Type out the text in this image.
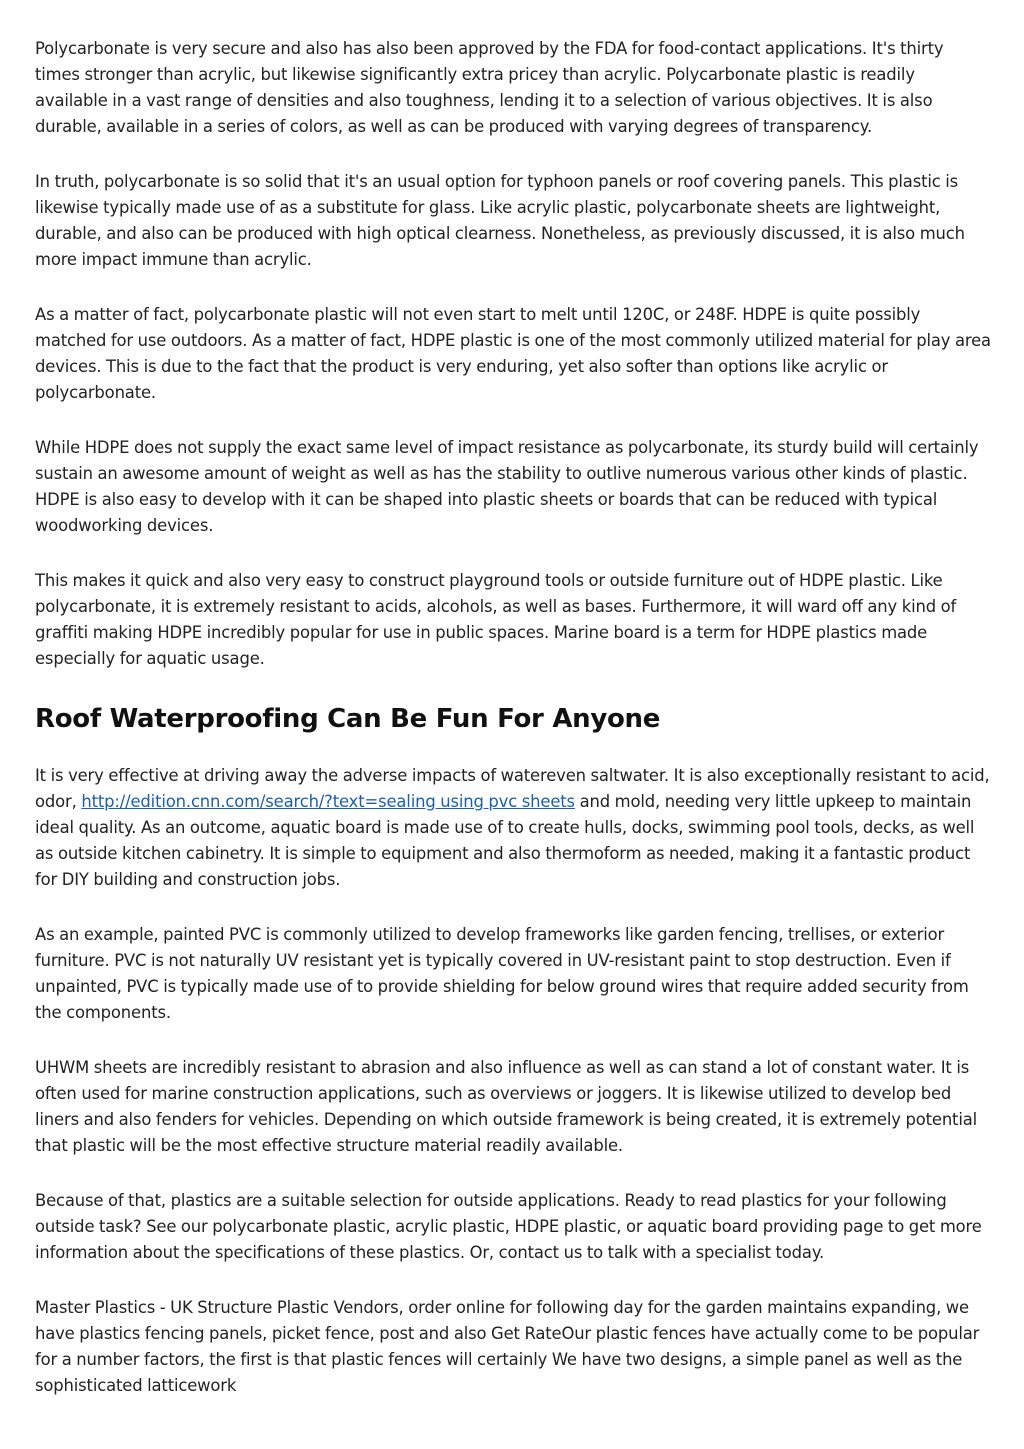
Polycarbonate is very secure and also has also been approved by the FDA for food-contact applications. It's thirty times stronger than acrylic, but likewise significantly extra pricey than acrylic. Polycarbonate plastic is readily available in a vast range of densities and also toughness, lending it to a selection of various objectives. It is also durable, available in a series of colors, as well as can be produced with varying degrees of transparency.

In truth, polycarbonate is so solid that it's an usual option for typhoon panels or roof covering panels. This plastic is likewise typically made use of as a substitute for glass. Like acrylic plastic, polycarbonate sheets are lightweight, durable, and also can be produced with high optical clearness. Nonetheless, as previously discussed, it is also much more impact immune than acrylic.

As a matter of fact, polycarbonate plastic will not even start to melt until 120C, or 248F. HDPE is quite possibly matched for use outdoors. As a matter of fact, HDPE plastic is one of the most commonly utilized material for play area devices. This is due to the fact that the product is very enduring, yet also softer than options like acrylic or polycarbonate.

While HDPE does not supply the exact same level of impact resistance as polycarbonate, its sturdy build will certainly sustain an awesome amount of weight as well as has the stability to outlive numerous various other kinds of plastic. HDPE is also easy to develop with it can be shaped into plastic sheets or boards that can be reduced with typical woodworking devices.

This makes it quick and also very easy to construct playground tools or outside furniture out of HDPE plastic. Like polycarbonate, it is extremely resistant to acids, alcohols, as well as bases. Furthermore, it will ward off any kind of graffiti making HDPE incredibly popular for use in public spaces. Marine board is a term for HDPE plastics made especially for aquatic usage.

Roof Waterproofing Can Be Fun For Anyone

It is very effective at driving away the adverse impacts of watereven saltwater. It is also exceptionally resistant to acid, odor, http://edition.cnn.com/search/?text=sealing using pvc sheets and mold, needing very little upkeep to maintain ideal quality. As an outcome, aquatic board is made use of to create hulls, docks, swimming pool tools, decks, as well as outside kitchen cabinetry. It is simple to equipment and also thermoform as needed, making it a fantastic product for DIY building and construction jobs.

As an example, painted PVC is commonly utilized to develop frameworks like garden fencing, trellises, or exterior furniture. PVC is not naturally UV resistant yet is typically covered in UV-resistant paint to stop destruction. Even if unpainted, PVC is typically made use of to provide shielding for below ground wires that require added security from the components.

UHWM sheets are incredibly resistant to abrasion and also influence as well as can stand a lot of constant water. It is often used for marine construction applications, such as overviews or joggers. It is likewise utilized to develop bed liners and also fenders for vehicles. Depending on which outside framework is being created, it is extremely potential that plastic will be the most effective structure material readily available.

Because of that, plastics are a suitable selection for outside applications. Ready to read plastics for your following outside task? See our polycarbonate plastic, acrylic plastic, HDPE plastic, or aquatic board providing page to get more information about the specifications of these plastics. Or, contact us to talk with a specialist today.

Master Plastics - UK Structure Plastic Vendors, order online for following day for the garden maintains expanding, we have plastics fencing panels, picket fence, post and also Get RateOur plastic fences have actually come to be popular for a number factors, the first is that plastic fences will certainly We have two designs, a simple panel as well as the sophisticated latticework
